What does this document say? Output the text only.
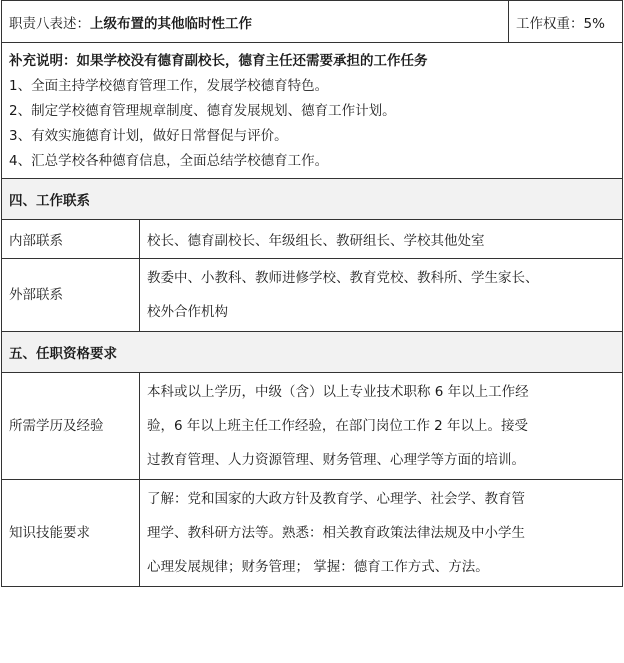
职责八表述：上级布置的其他临时性工作		工作权重：5%

补充说明：如果学校没有德育副校长，德育主任还需要承担的工作任务
1、全面主持学校德育管理工作，发展学校德育特色。
2、制定学校德育管理规章制度、德育发展规划、德育工作计划。
3、有效实施德育计划，做好日常督促与评价。
4、汇总学校各种德育信息，全面总结学校德育工作。		

四、工作联系		
内部联系	校长、德育副校长、年级组长、教研组长、学校其他处室	
外部联系	教委中、小教科、教师进修学校、教育党校、教科所、学生家长、
校外合作机构	

五、任职资格要求		
所需学历及经验	本科或以上学历，中级（含）以上专业技术职称 6 年以上工作经
验，6 年以上班主任工作经验，在部门岗位工作 2 年以上。接受
过教育管理、人力资源管理、财务管理、心理学等方面的培训。	

知识技能要求	了解：党和国家的大政方针及教育学、心理学、社会学、教育管
理学、教科研方法等。熟悉：相关教育政策法律法规及中小学生
心理发展规律；财务管理； 掌握：德育工作方式、方法。	
